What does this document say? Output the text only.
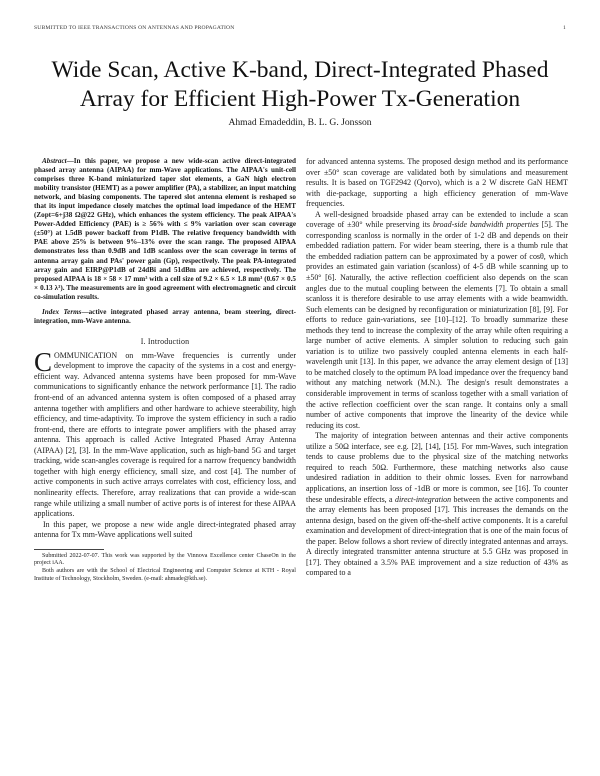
SUBMITTED TO IEEE TRANSACTIONS ON ANTENNAS AND PROPAGATION	1
Wide Scan, Active K-band, Direct-Integrated Phased
Array for Efficient High-Power Tx-Generation
Ahmad Emadeddin, B. L. G. Jonsson

Abstract—In this paper, we propose a new wide-scan active direct-integrated phased array antenna (AIPAA) for mm-Wave applications. The AIPAA's unit-cell comprises three K-band miniaturized taper slot elements, a GaN high electron mobility transistor (HEMT) as a power amplifier (PA), a stabilizer, an input matching network, and biasing components. The tapered slot antenna element is reshaped so that its input impedance closely matches the optimal load impedance of the HEMT (Zopt=6+j38 Ω@22 GHz), which enhances the system efficiency. The peak AIPAA's Power-Added Efficiency (PAE) is ≥ 56% with ≤ 9% variation over scan coverage (±50°) at 1.5dB power backoff from P1dB. The relative frequency bandwidth with PAE above 25% is between 9%–13% over the scan range. The proposed AIPAA demonstrates less than 0.9dB and 1dB scanloss over the scan coverage in terms of antenna array gain and PAs' power gain (Gp), respectively. The peak PA-integrated array gain and EIRP@P1dB of 24dBi and 51dBm are achieved, respectively. The proposed AIPAA is 18 × 58 × 17 mm³ with a cell size of 9.2 × 6.5 × 1.8 mm³ (0.67 × 0.5 × 0.13 λ³). The measurements are in good agreement with electromagnetic and circuit co-simulation results.

Index Terms—active integrated phased array antenna, beam steering, direct-integration, mm-Wave antenna.

I. Introduction

COMMUNICATION on mm-Wave frequencies is currently under development to improve the capacity of the systems in a cost and energy-efficient way. Advanced antenna systems have been proposed for mm-Wave communications to significantly enhance the network performance [1]. The radio front-end of an advanced antenna system is often composed of a phased array antenna together with amplifiers and other hardware to achieve steerability, high efficiency, and time-adaptivity. To improve the system efficiency in such a radio front-end, there are efforts to integrate power amplifiers with the phased array antenna. This approach is called Active Integrated Phased Array Antenna (AIPAA) [2], [3]. In the mm-Wave application, such as high-band 5G and target tracking, wide scan-angles coverage is required for a narrow frequency bandwidth together with high energy efficiency, small size, and cost [4]. The number of active components in such active arrays correlates with cost, efficiency loss, and nonlinearity effects. Therefore, array realizations that can provide a wide-scan range while utilizing a small number of active ports is of interest for these AIPAA applications.

In this paper, we propose a new wide angle direct-integrated phased array antenna for Tx mm-Wave applications well suited

Submitted 2022-07-07. This work was supported by the Vinnova Excellence center ChaseOn in the project iAA.

Both authors are with the School of Electrical Engineering and Computer Science at KTH - Royal Institute of Technology, Stockholm, Sweden. (e-mail: ahmade@kth.se).

for advanced antenna systems. The proposed design method and its performance over ±50° scan coverage are validated both by simulations and measurement results. It is based on TGF2942 (Qorvo), which is a 2 W discrete GaN HEMT with die-package, supporting a high efficiency generation of mm-Wave frequencies.

A well-designed broadside phased array can be extended to include a scan coverage of ±30° while preserving its broad-side bandwidth properties [5]. The corresponding scanloss is normally in the order of 1-2 dB and depends on their embedded radiation pattern. For wider beam steering, there is a thumb rule that the embedded radiation pattern can be approximated by a power of cosθ, which provides an estimated gain variation (scanloss) of 4-5 dB while scanning up to ±50° [6]. Naturally, the active reflection coefficient also depends on the scan angles due to the mutual coupling between the elements [7]. To obtain a small scanloss it is therefore desirable to use array elements with a wide beamwidth. Such elements can be designed by reconfiguration or miniaturization [8], [9]. For efforts to reduce gain-variations, see [10]–[12]. To broadly summarize these methods they tend to increase the complexity of the array while often requiring a large number of active elements. A simpler solution to reducing such gain variation is to utilize two passively coupled antenna elements in each half-wavelength unit [13]. In this paper, we advance the array element design of [13] to be matched closely to the optimum PA load impedance over the frequency band without any matching network (M.N.). The design's result demonstrates a considerable improvement in terms of scanloss together with a small variation of the active reflection coefficient over the scan range. It contains only a small number of active components that improve the linearity of the device while reducing its cost.

The majority of integration between antennas and their active components utilize a 50Ω interface, see e.g. [2], [14], [15]. For mm-Waves, such integration tends to cause problems due to the physical size of the matching networks required to reach 50Ω. Furthermore, these matching networks also cause undesired radiation in addition to their ohmic losses. Even for narrowband applications, an insertion loss of -1dB or more is common, see [16]. To counter these undesirable effects, a direct-integration between the active components and the array elements has been proposed [17]. This increases the demands on the antenna design, based on the given off-the-shelf active components. It is a careful examination and development of direct-integration that is one of the main focus of the paper. Below follows a short review of directly integrated antennas and arrays. A directly integrated transmitter antenna structure at 5.5 GHz was proposed in [17]. They obtained a 3.5% PAE improvement and a size reduction of 43% as compared to a
